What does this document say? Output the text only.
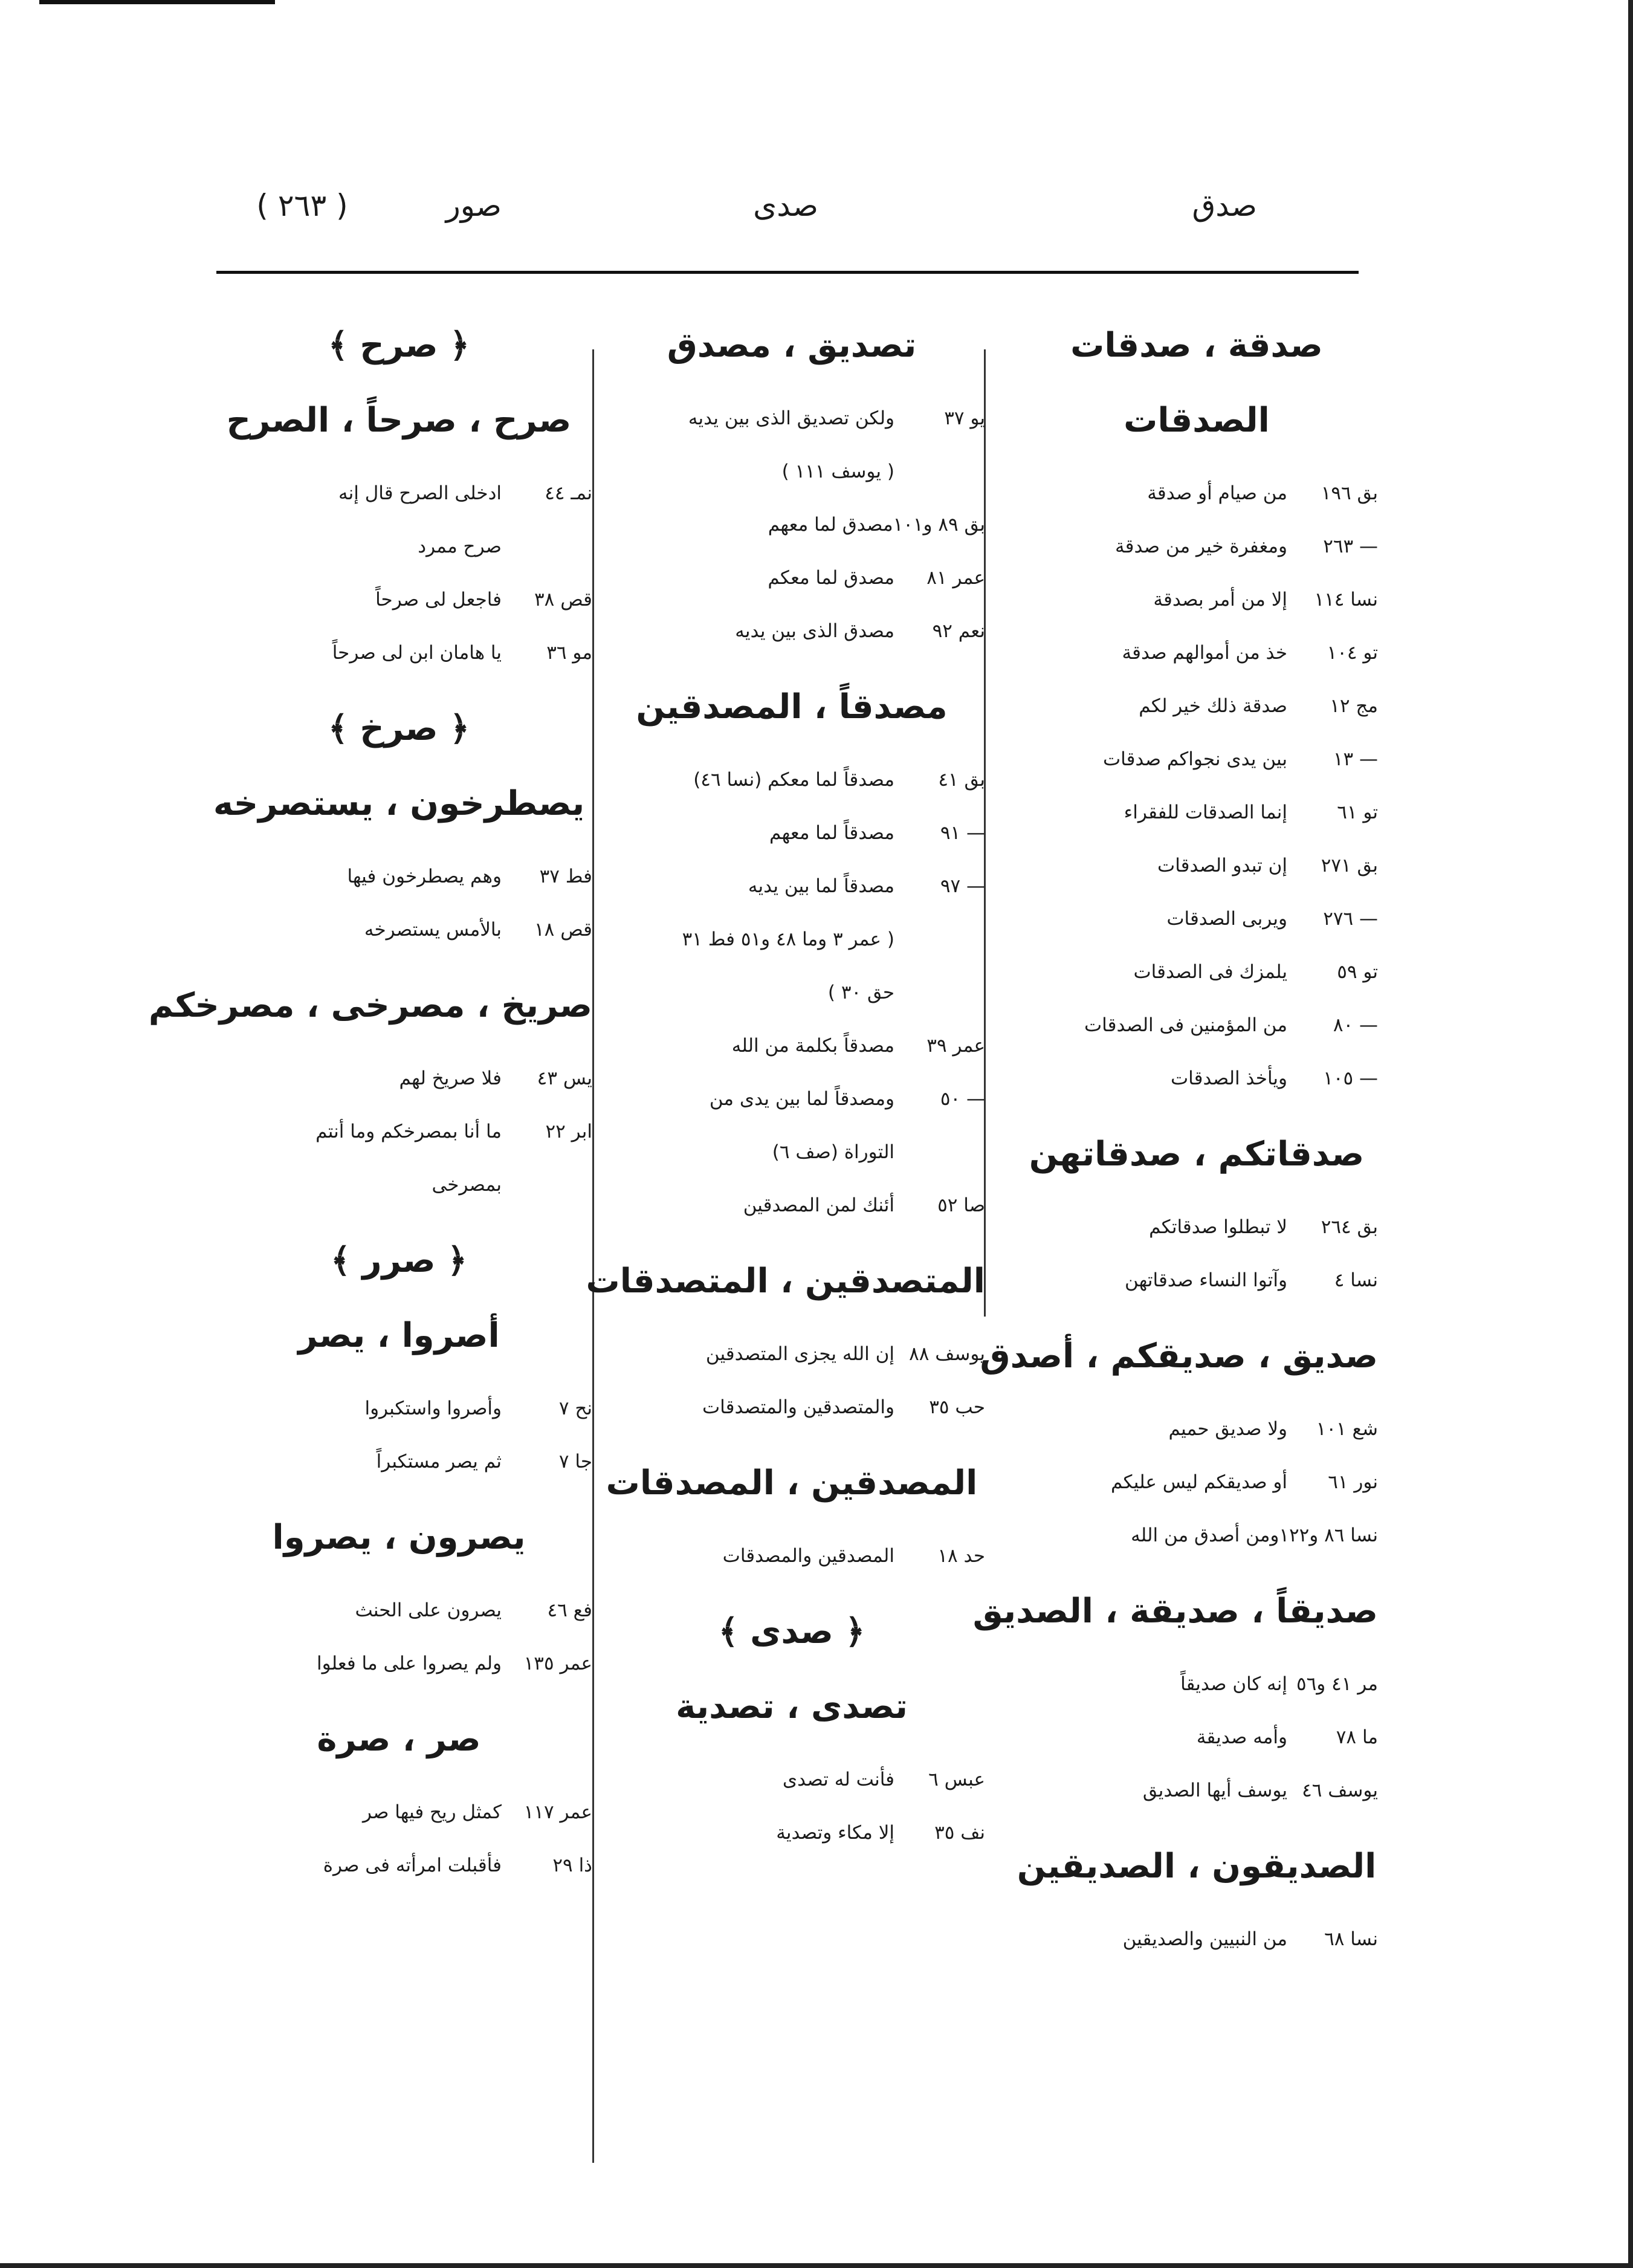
صدق
صدى
صور
( ٢٦٣ )
صدقة ، صدقات
الصدقات
بق ١٩٦من صيام أو صدقة
— ٢٦٣ومغفرة خير من صدقة
نسا ١١٤إلا من أمر بصدقة
تو ١٠٤خذ من أموالهم صدقة
مج ١٢صدقة ذلك خير لكم
— ١٣بين يدى نجواكم صدقات
تو ٦١إنما الصدقات للفقراء
بق ٢٧١إن تبدو الصدقات
— ٢٧٦ويربى الصدقات
تو ٥٩يلمزك فى الصدقات
— ٨٠من المؤمنين فى الصدقات
— ١٠٥ويأخذ الصدقات
صدقاتكم ، صدقاتهن
بق ٢٦٤لا تبطلوا صدقاتكم
نسا ٤وآتوا النساء صدقاتهن
صديق ، صديقكم ، أصدق
شع ١٠١ولا صديق حميم
نور ٦١أو صديقكم ليس عليكم
نسا ٨٦ و١٢٢ومن أصدق من الله
صديقاً ، صديقة ، الصديق
مر ٤١ و٥٦إنه كان صديقاً
ما ٧٨وأمه صديقة
يوسف ٤٦يوسف أيها الصديق
الصديقون ، الصديقين
نسا ٦٨من النبيين والصديقين
تصديق ، مصدق
يو ٣٧ولكن تصديق الذى بين يديه
( يوسف ١١١ )
بق ٨٩ و١٠١مصدق لما معهم
عمر ٨١مصدق لما معكم
نعم ٩٢مصدق الذى بين يديه
مصدقاً ، المصدقين
بق ٤١مصدقاً لما معكم (نسا ٤٦)
— ٩١مصدقاً لما معهم
— ٩٧مصدقاً لما بين يديه
( عمر ٣ وما ٤٨ و٥١ فط ٣١
حق ٣٠ )
عمر ٣٩مصدقاً بكلمة من الله
— ٥٠ومصدقاً لما بين يدى من
التوراة (صف ٦)
صا ٥٢أئنك لمن المصدقين
المتصدقين ، المتصدقات
يوسف ٨٨إن الله يجزى المتصدقين
حب ٣٥والمتصدقين والمتصدقات
المصدقين ، المصدقات
حد ١٨المصدقين والمصدقات
﴿ صدى ﴾
تصدى ، تصدية
عبس ٦فأنت له تصدى
نف ٣٥إلا مكاء وتصدية
﴿ صرح ﴾
صرح ، صرحاً ، الصرح
نمـ ٤٤ادخلى الصرح قال إنه
صرح ممرد
قص ٣٨فاجعل لى صرحاً
مو ٣٦يا هامان ابن لى صرحاً
﴿ صرخ ﴾
يصطرخون ، يستصرخه
فط ٣٧وهم يصطرخون فيها
قص ١٨بالأمس يستصرخه
صريخ ، مصرخى ، مصرخكم
يس ٤٣فلا صريخ لهم
ابر ٢٢ما أنا بمصرخكم وما أنتم
بمصرخى
﴿ صرر ﴾
أصروا ، يصر
نح ٧وأصروا واستكبروا
جا ٧ثم يصر مستكبراً
يصرون ، يصروا
فع ٤٦يصرون على الحنث
عمر ١٣٥ولم يصروا على ما فعلوا
صر ، صرة
عمر ١١٧كمثل ريح فيها صر
ذا ٢٩فأقبلت امرأته فى صرة
